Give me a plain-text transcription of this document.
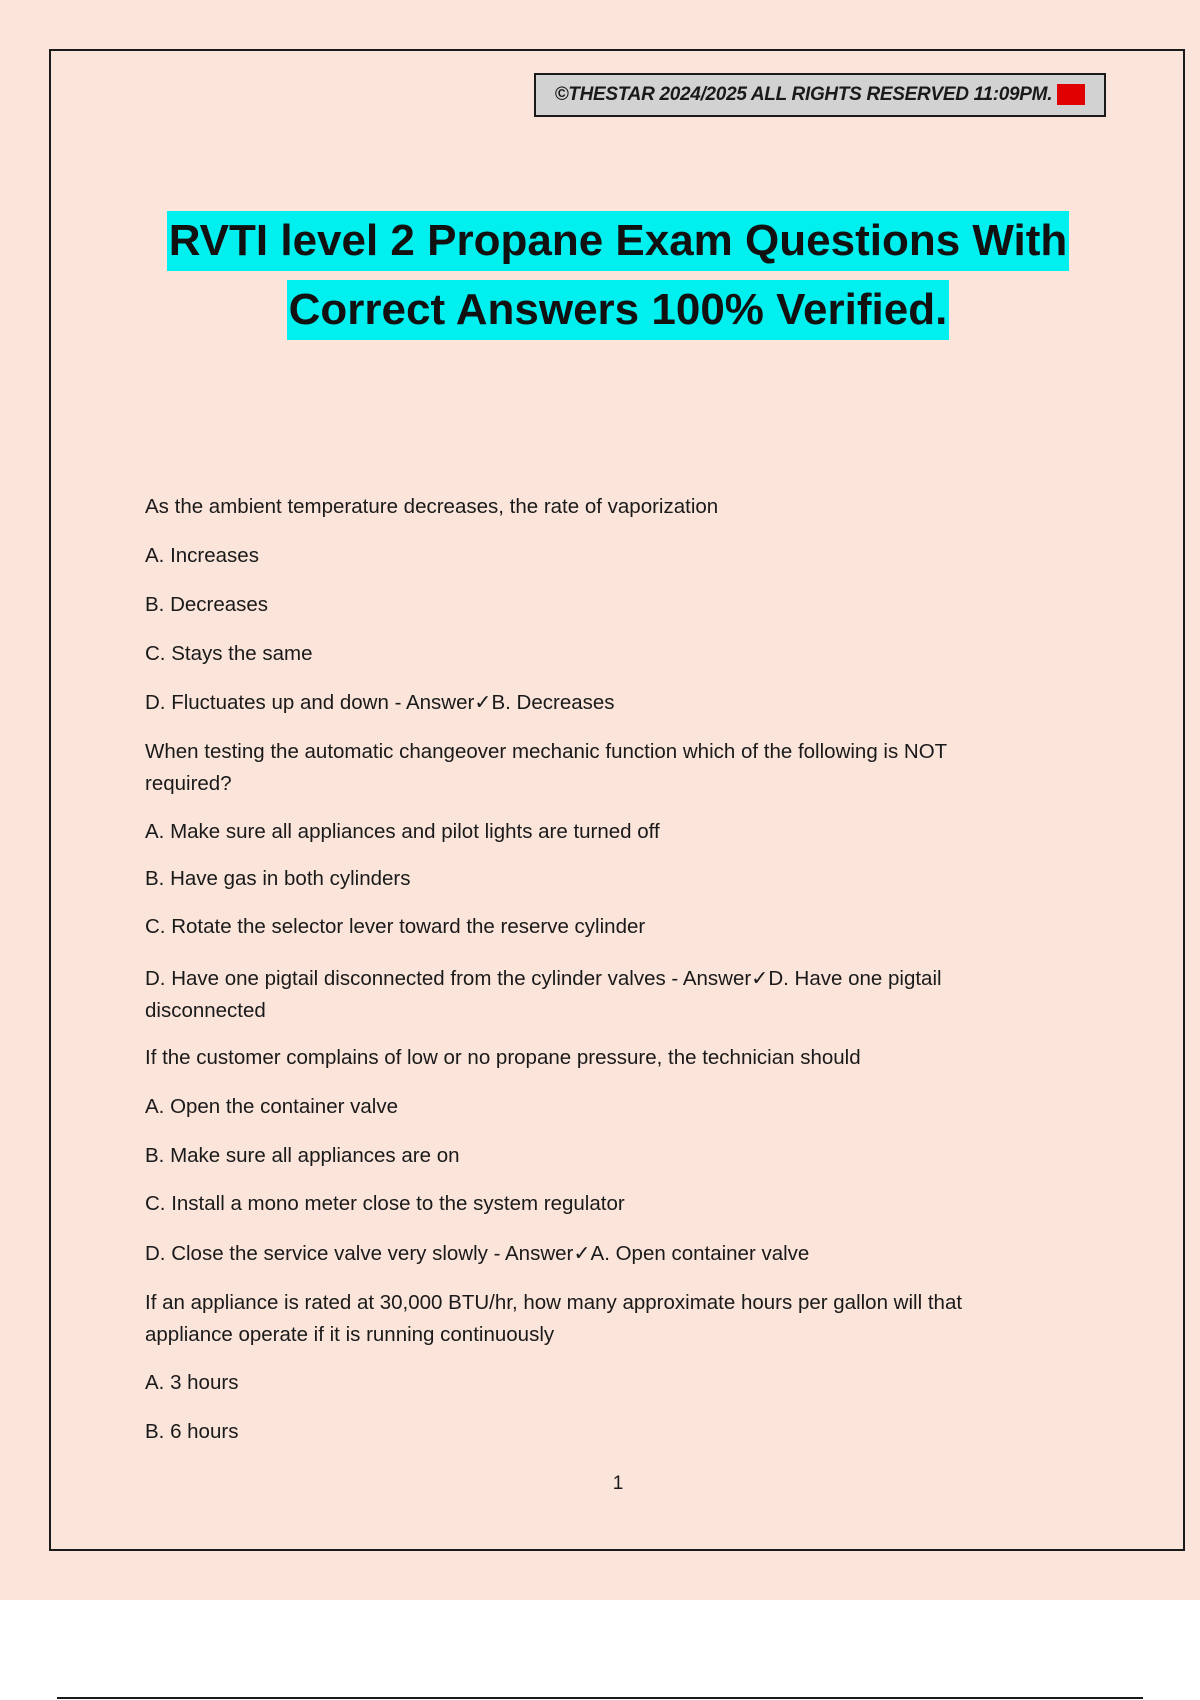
©THESTAR 2024/2025 ALL RIGHTS RESERVED 11:09PM. A+
RVTI level 2 Propane Exam Questions With
Correct Answers 100% Verified.
As the ambient temperature decreases, the rate of vaporization
A. Increases
B. Decreases
C. Stays the same
D. Fluctuates up and down - Answer✓B. Decreases
When testing the automatic changeover mechanic function which of the following is NOT required?
A. Make sure all appliances and pilot lights are turned off
B. Have gas in both cylinders
C. Rotate the selector lever toward the reserve cylinder
D. Have one pigtail disconnected from the cylinder valves - Answer✓D. Have one pigtail disconnected
If the customer complains of low or no propane pressure, the technician should
A. Open the container valve
B. Make sure all appliances are on
C. Install a mono meter close to the system regulator
D. Close the service valve very slowly - Answer✓A. Open container valve
If an appliance is rated at 30,000 BTU/hr, how many approximate hours per gallon will that appliance operate if it is running continuously
A. 3 hours
B. 6 hours
1
